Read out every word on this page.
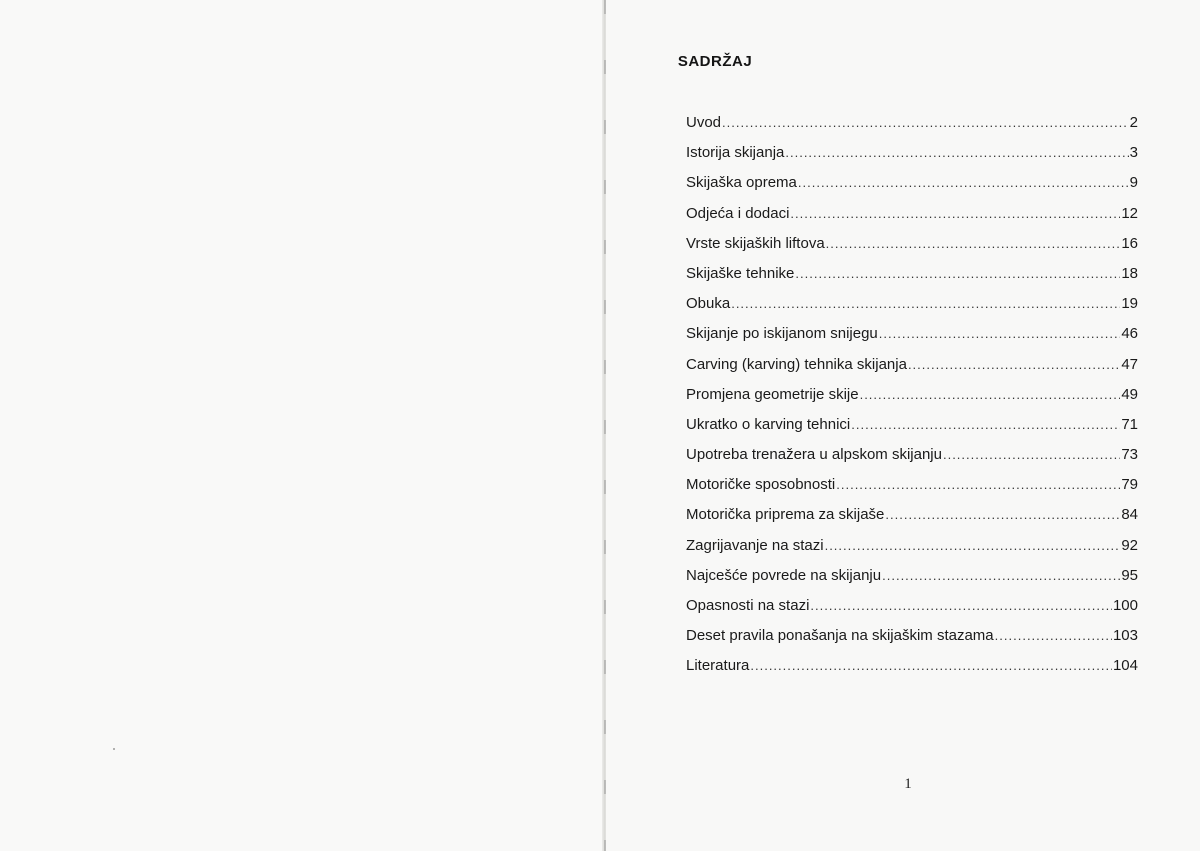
SADRŽAJ
Uvod .....	2
Istorija skijanja .....	3
Skijaška oprema .....	9
Odjeća i dodaci .....	12
Vrste skijaških liftova .....	16
Skijaške tehnike .....	18
Obuka .....	19
Skijanje po iskijanom snijegu .....	46
Carving (karving) tehnika skijanja .....	47
Promjena geometrije skije .....	49
Ukratko o karving tehnici .....	71
Upotreba trenažera u alpskom skijanju .....	73
Motoričke sposobnosti .....	79
Motorička priprema za skijaše .....	84
Zagrijavanje na stazi .....	92
Najcešće povrede na skijanju .....	95
Opasnosti na stazi .....	100
Deset pravila ponašanja na skijaškim stazama .....	103
Literatura .....	104
1
